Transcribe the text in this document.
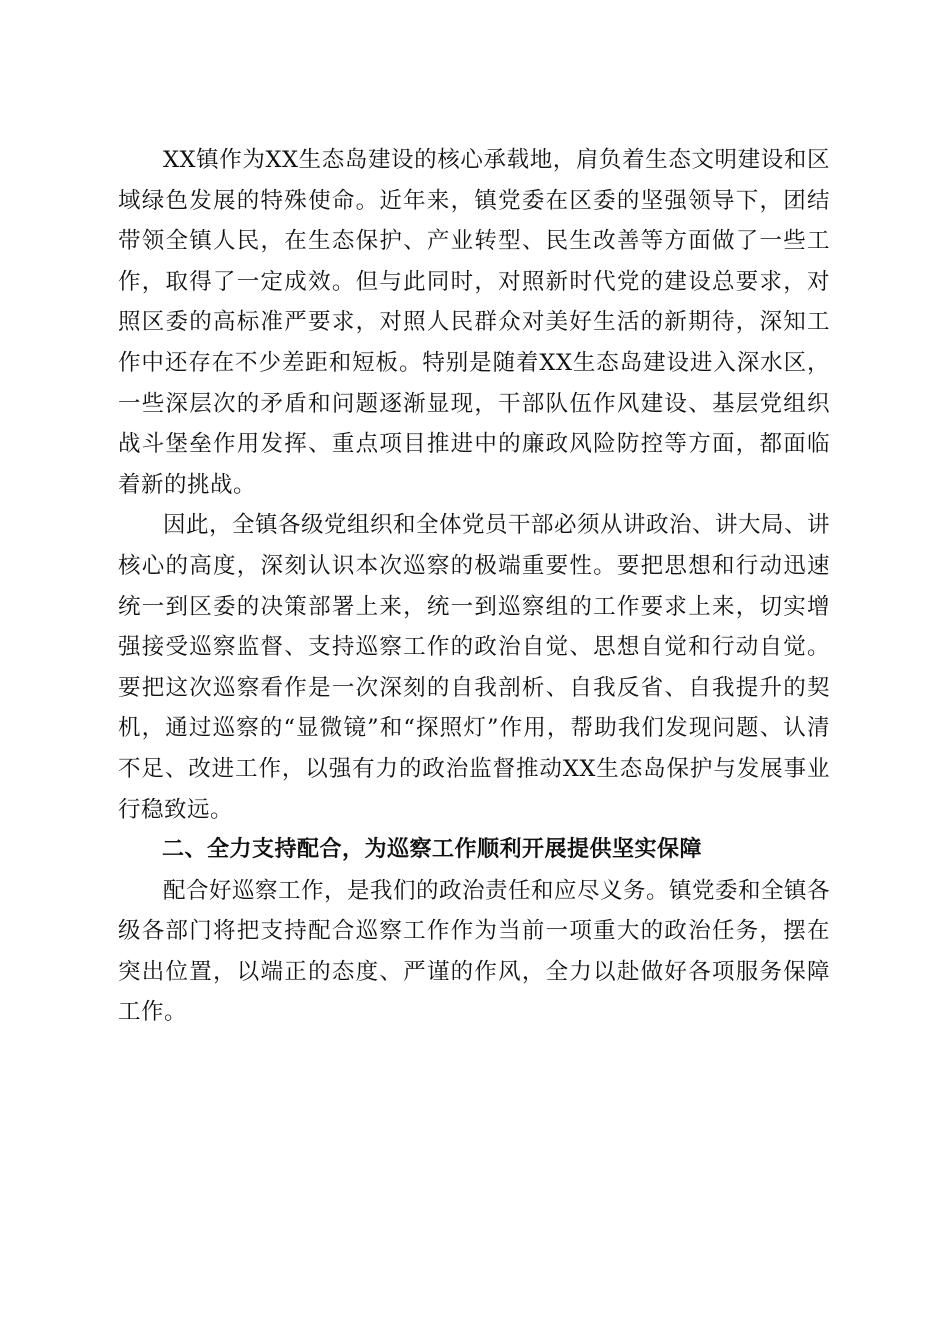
XX镇作为XX生态岛建设的核心承载地，肩负着生态文明建设和区域绿色发展的特殊使命。近年来，镇党委在区委的坚强领导下，团结带领全镇人民，在生态保护、产业转型、民生改善等方面做了一些工作，取得了一定成效。但与此同时，对照新时代党的建设总要求，对照区委的高标准严要求，对照人民群众对美好生活的新期待，深知工作中还存在不少差距和短板。特别是随着XX生态岛建设进入深水区，一些深层次的矛盾和问题逐渐显现，干部队伍作风建设、基层党组织战斗堡垒作用发挥、重点项目推进中的廉政风险防控等方面，都面临着新的挑战。

因此，全镇各级党组织和全体党员干部必须从讲政治、讲大局、讲核心的高度，深刻认识本次巡察的极端重要性。要把思想和行动迅速统一到区委的决策部署上来，统一到巡察组的工作要求上来，切实增强接受巡察监督、支持巡察工作的政治自觉、思想自觉和行动自觉。要把这次巡察看作是一次深刻的自我剖析、自我反省、自我提升的契机，通过巡察的“显微镜”和“探照灯”作用，帮助我们发现问题、认清不足、改进工作，以强有力的政治监督推动XX生态岛保护与发展事业行稳致远。

二、全力支持配合，为巡察工作顺利开展提供坚实保障

配合好巡察工作，是我们的政治责任和应尽义务。镇党委和全镇各级各部门将把支持配合巡察工作作为当前一项重大的政治任务，摆在突出位置，以端正的态度、严谨的作风，全力以赴做好各项服务保障工作。
